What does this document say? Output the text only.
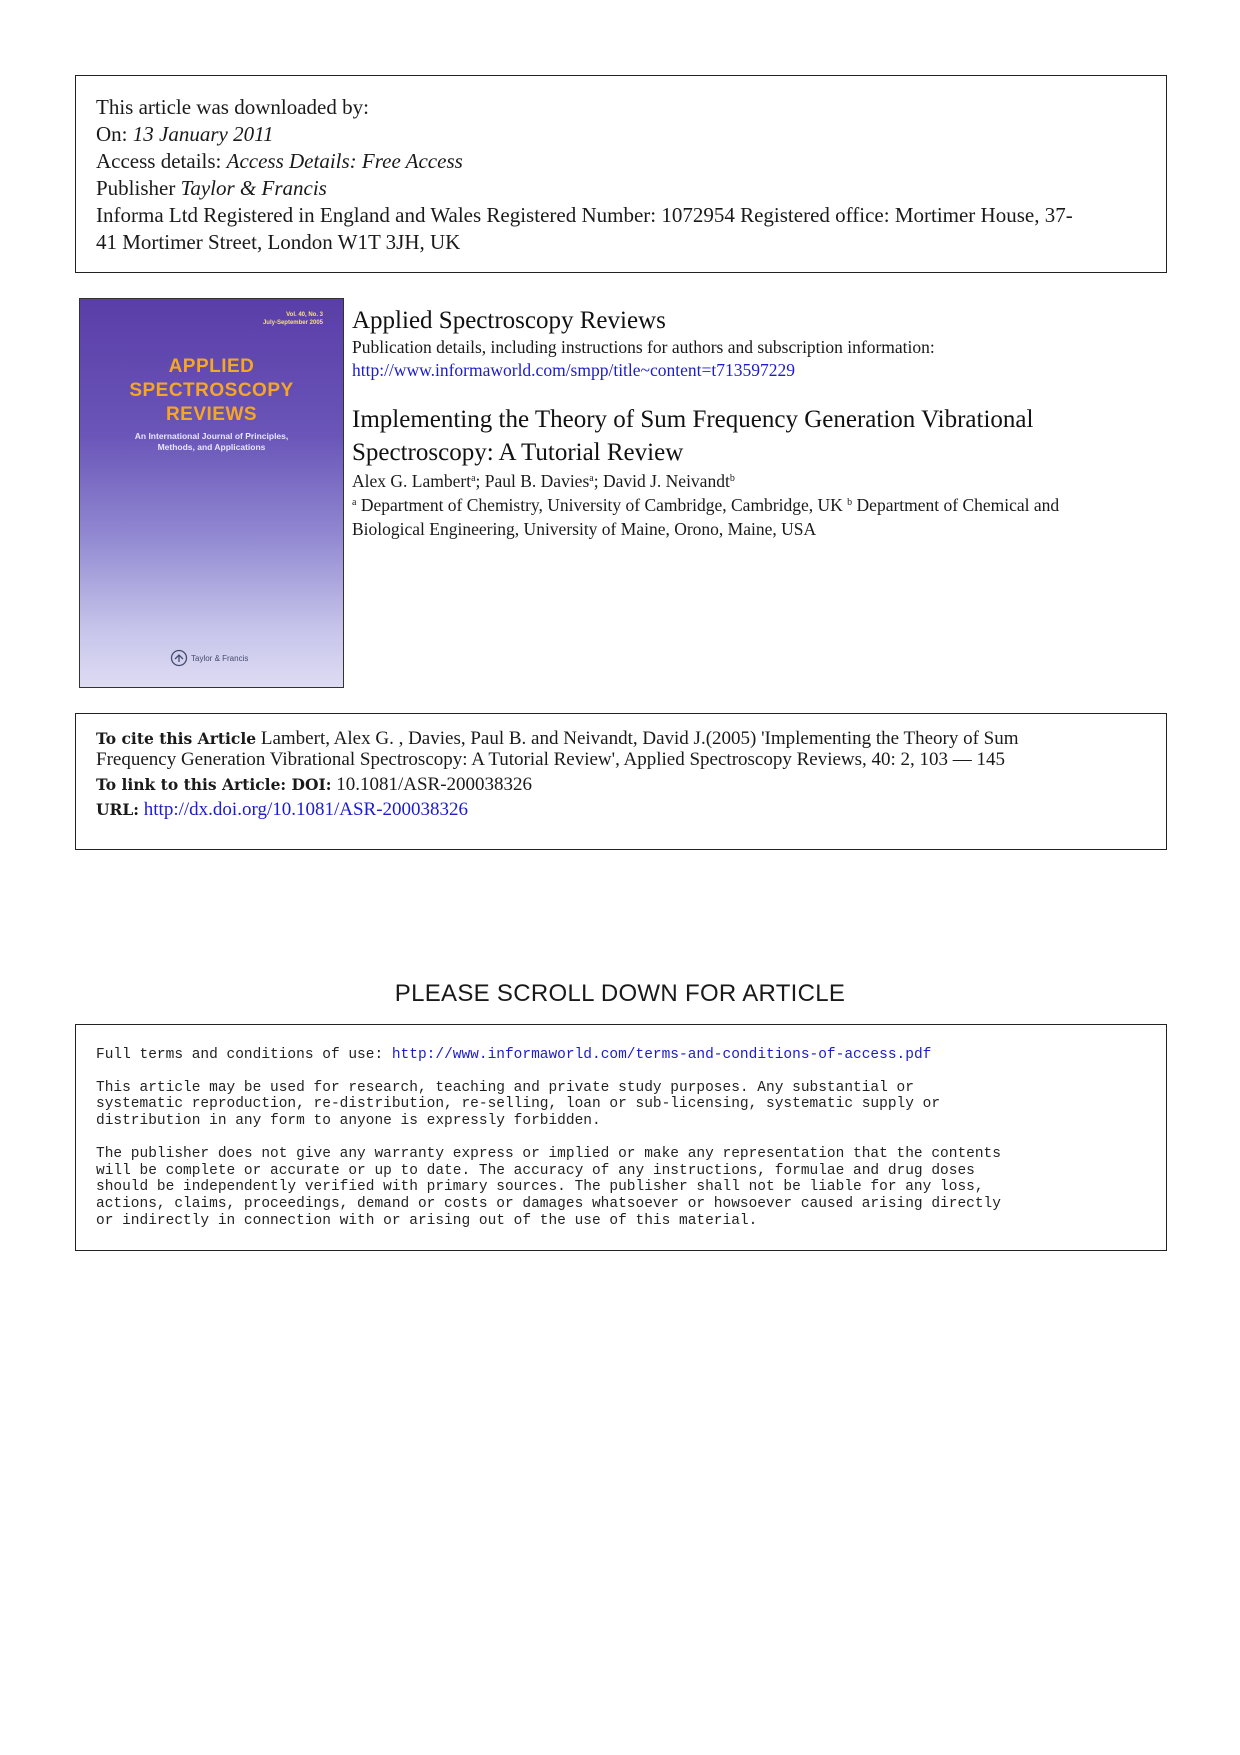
This article was downloaded by:
On: 13 January 2011
Access details: Access Details: Free Access
Publisher Taylor & Francis
Informa Ltd Registered in England and Wales Registered Number: 1072954 Registered office: Mortimer House, 37-
41 Mortimer Street, London W1T 3JH, UK
Vol. 40, No. 3
July-September 2005
APPLIED
SPECTROSCOPY
REVIEWS
An International Journal of Principles,
Methods, and Applications
Taylor & Francis
Applied Spectroscopy Reviews
Publication details, including instructions for authors and subscription information:
http://www.informaworld.com/smpp/title~content=t713597229
Implementing the Theory of Sum Frequency Generation Vibrational
Spectroscopy: A Tutorial Review
Alex G. Lambert$^a$; Paul B. Davies$^a$; David J. Neivandt$^b$
$^a$ Department of Chemistry, University of Cambridge, Cambridge, UK $^b$ Department of Chemical and
Biological Engineering, University of Maine, Orono, Maine, USA
To cite this Article Lambert, Alex G. , Davies, Paul B. and Neivandt, David J.(2005) 'Implementing the Theory of Sum
Frequency Generation Vibrational Spectroscopy: A Tutorial Review', Applied Spectroscopy Reviews, 40: 2, 103 — 145
To link to this Article: DOI: 10.1081/ASR-200038326
URL: http://dx.doi.org/10.1081/ASR-200038326
PLEASE SCROLL DOWN FOR ARTICLE

Full terms and conditions of use: http://www.informaworld.com/terms-and-conditions-of-access.pdf

This article may be used for research, teaching and private study purposes. Any substantial or
systematic reproduction, re-distribution, re-selling, loan or sub-licensing, systematic supply or
distribution in any form to anyone is expressly forbidden.

The publisher does not give any warranty express or implied or make any representation that the contents
will be complete or accurate or up to date. The accuracy of any instructions, formulae and drug doses
should be independently verified with primary sources. The publisher shall not be liable for any loss,
actions, claims, proceedings, demand or costs or damages whatsoever or howsoever caused arising directly
or indirectly in connection with or arising out of the use of this material.
